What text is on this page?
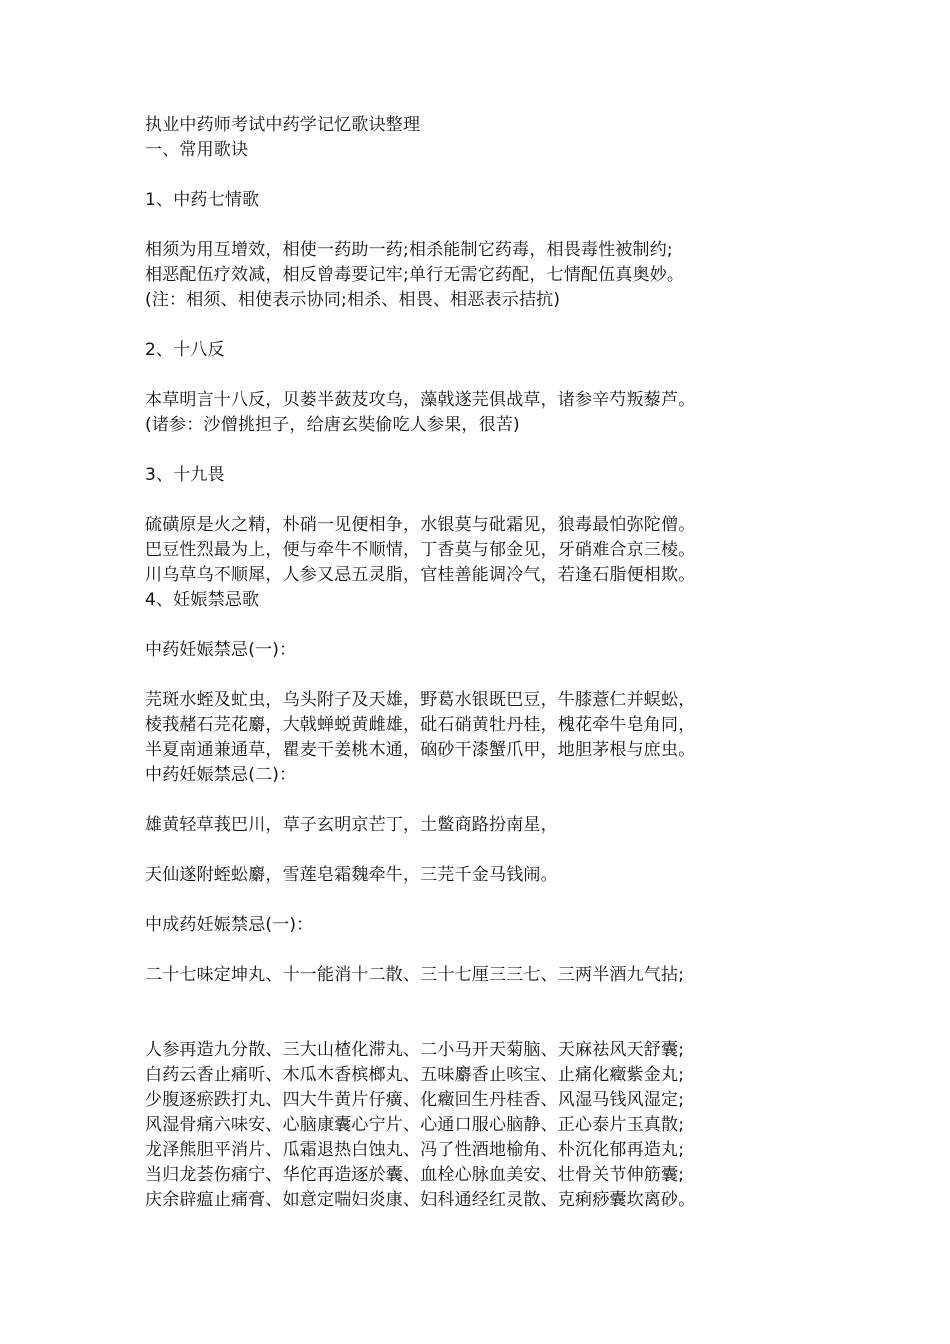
执业中药师考试中药学记忆歌诀整理
一、常用歌诀
1、中药七情歌
相须为用互增效，相使一药助一药;相杀能制它药毒，相畏毒性被制约;
相恶配伍疗效减，相反曾毒要记牢;单行无需它药配，七情配伍真奥妙。
(注：相须、相使表示协同;相杀、相畏、相恶表示拮抗)
2、十八反
本草明言十八反，贝蒌半蔹芨攻乌，藻戟遂芫俱战草，诸参辛芍叛藜芦。
(诸参：沙僧挑担子，给唐玄奘偷吃人参果，很苦)
3、十九畏
硫磺原是火之精，朴硝一见便相争，水银莫与砒霜见，狼毒最怕弥陀僧。
巴豆性烈最为上，便与牵牛不顺情，丁香莫与郁金见，牙硝难合京三棱。
川乌草乌不顺犀，人参又忌五灵脂，官桂善能调冷气，若逢石脂便相欺。
4、妊娠禁忌歌
中药妊娠禁忌(一)：
芫斑水蛭及虻虫，乌头附子及天雄，野葛水银既巴豆，牛膝薏仁并蜈蚣，
棱莪赭石芫花麝，大戟蝉蜕黄雌雄，砒石硝黄牡丹桂，槐花牵牛皂角同，
半夏南通兼通草，瞿麦干姜桃木通，硇砂干漆蟹爪甲，地胆茅根与庶虫。
中药妊娠禁忌(二)：
雄黄轻草莪巴川，草子玄明京芒丁，土鳖商路扮南星，
天仙遂附蛭蚣麝，雪莲皂霜魏牵牛，三芫千金马钱闹。
中成药妊娠禁忌(一)：
二十七味定坤丸、十一能消十二散、三十七厘三三七、三两半酒九气拈;
人参再造九分散、三大山楂化滞丸、二小马开天菊脑、天麻祛风天舒囊;
白药云香止痛听、木瓜木香槟榔丸、五味麝香止咳宝、止痛化癥紫金丸;
少腹逐瘀跌打丸、四大牛黄片仔癀、化癥回生丹桂香、风湿马钱风湿定;
风湿骨痛六味安、心脑康囊心宁片、心通口服心脑静、正心泰片玉真散;
龙泽熊胆平消片、瓜霜退热白蚀丸、冯了性酒地榆角、朴沉化郁再造丸;
当归龙荟伤痛宁、华佗再造逐於囊、血栓心脉血美安、壮骨关节伸筋囊;
庆余辟瘟止痛膏、如意定喘妇炎康、妇科通经红灵散、克痢痧囊坎离砂。
